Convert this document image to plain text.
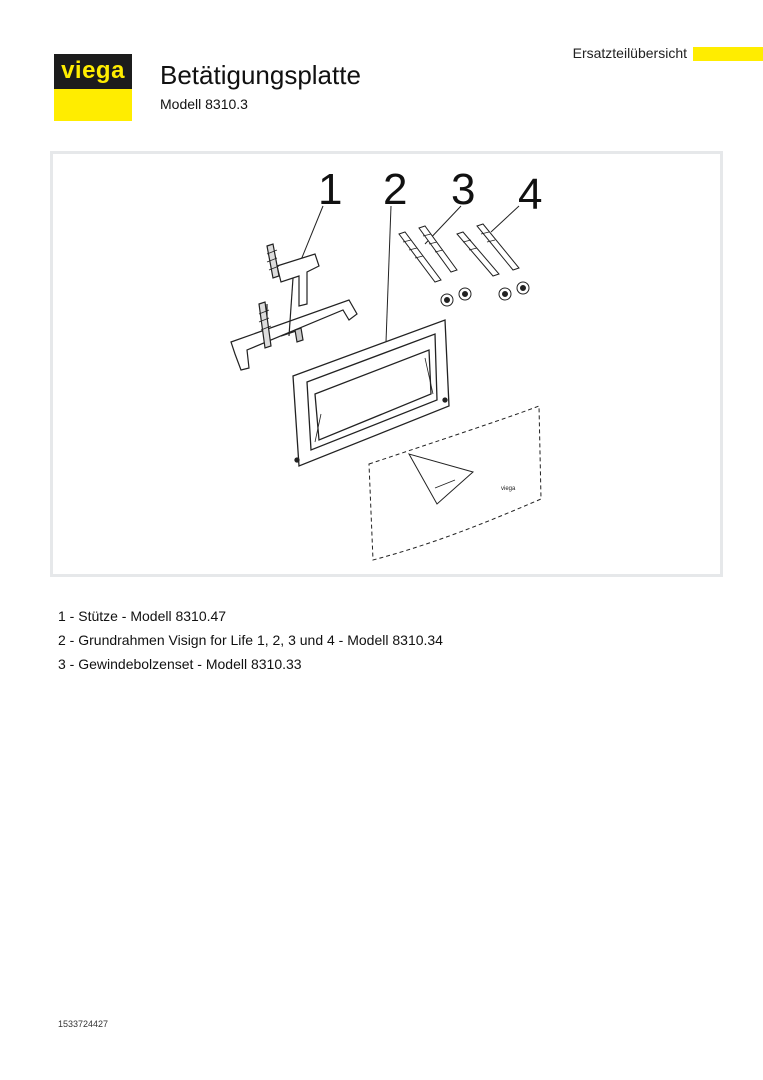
viega Betätigungsplatte
Modell 8310.3
Ersatzteilübersicht
1 2 3 4
viega
1 - Stütze - Modell 8310.47
2 - Grundrahmen Visign for Life 1, 2, 3 und 4 - Modell 8310.34
3 - Gewindebolzenset - Modell 8310.33
1533724427
